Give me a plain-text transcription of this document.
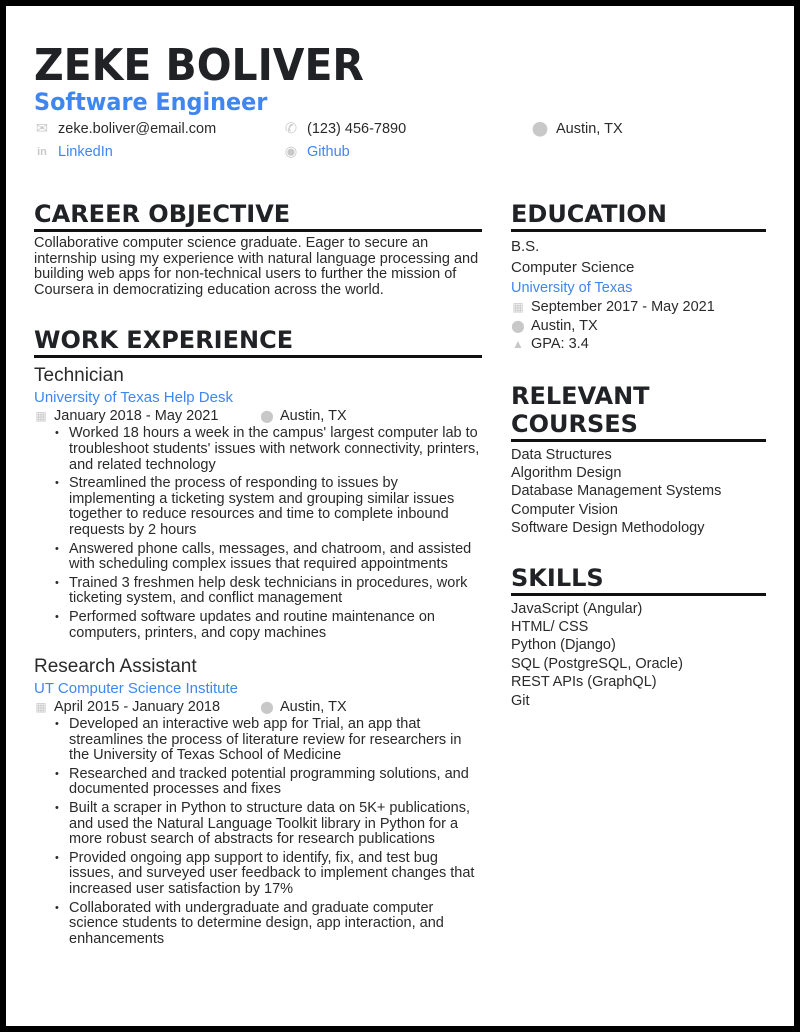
ZEKE BOLIVER
Software Engineer
✉ zeke.boliver@email.com	✆ (123) 456-7890	⬤ Austin, TX
in LinkedIn	◉ Github
CAREER OBJECTIVE

Collaborative computer science graduate. Eager to secure an internship using my experience with natural language processing and building web apps for non-technical users to further the mission of Coursera in democratizing education across the world.

WORK EXPERIENCE
Technician
University of Texas Help Desk
▦ January 2018 - May 2021	⬤ Austin, TX
• Worked 18 hours a week in the campus' largest computer lab to troubleshoot students' issues with network connectivity, printers, and related technology
• Streamlined the process of responding to issues by implementing a ticketing system and grouping similar issues together to reduce resources and time to complete inbound requests by 2 hours
• Answered phone calls, messages, and chatroom, and assisted with scheduling complex issues that required appointments
• Trained 3 freshmen help desk technicians in procedures, work ticketing system, and conflict management
• Performed software updates and routine maintenance on computers, printers, and copy machines
Research Assistant
UT Computer Science Institute
▦ April 2015 - January 2018	⬤ Austin, TX
• Developed an interactive web app for Trial, an app that streamlines the process of literature review for researchers in the University of Texas School of Medicine
• Researched and tracked potential programming solutions, and documented processes and fixes
• Built a scraper in Python to structure data on 5K+ publications, and used the Natural Language Toolkit library in Python for a more robust search of abstracts for research publications
• Provided ongoing app support to identify, fix, and test bug issues, and surveyed user feedback to implement changes that increased user satisfaction by 17%
• Collaborated with undergraduate and graduate computer science students to determine design, app interaction, and enhancements
EDUCATION
B.S.
Computer Science
University of Texas
▦ September 2017 - May 2021
⬤ Austin, TX
▲ GPA: 3.4
RELEVANT
COURSES
Data Structures
Algorithm Design
Database Management Systems
Computer Vision
Software Design Methodology
SKILLS
JavaScript (Angular)
HTML/ CSS
Python (Django)
SQL (PostgreSQL, Oracle)
REST APIs (GraphQL)
Git
